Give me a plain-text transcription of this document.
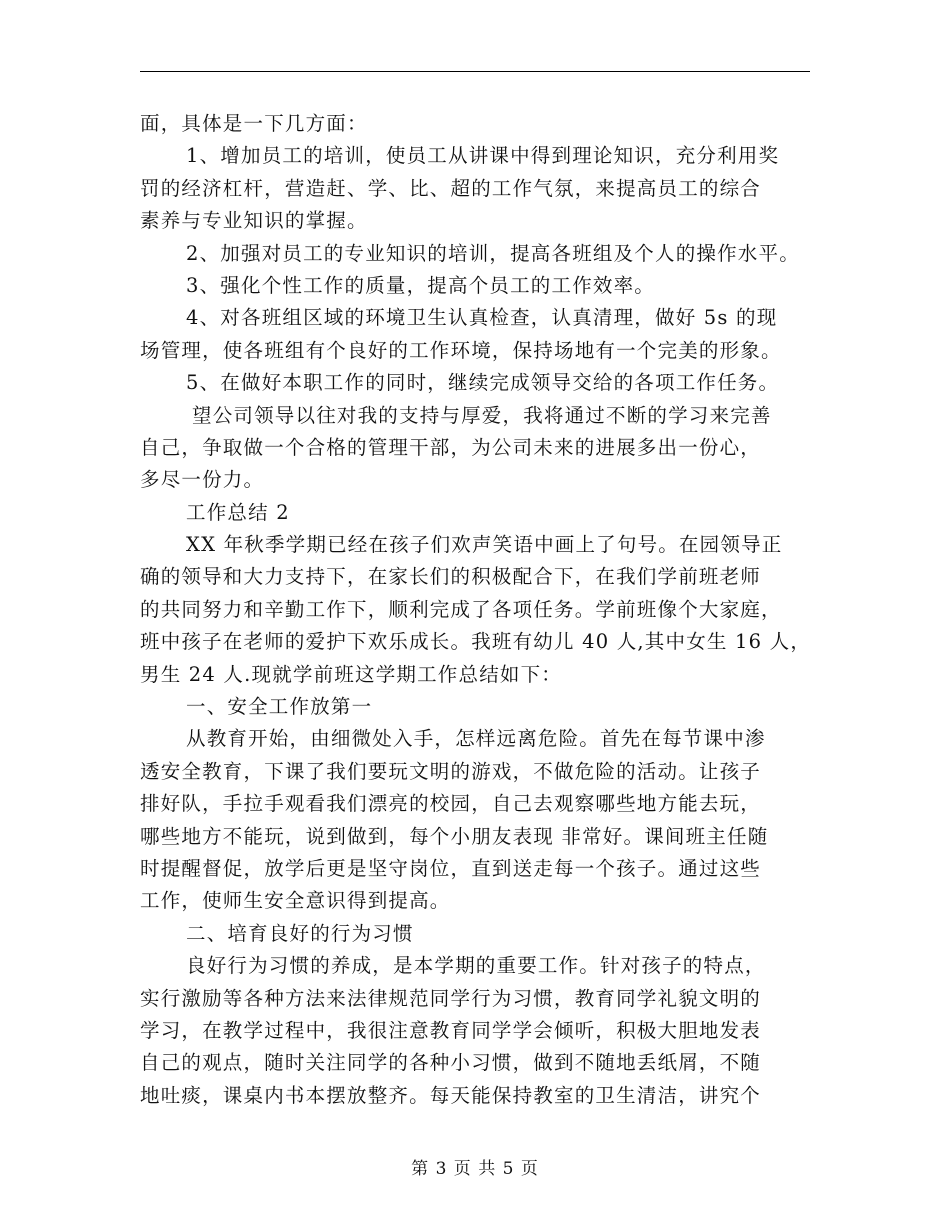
面，具体是一下几方面：
1、增加员工的培训，使员工从讲课中得到理论知识，充分利用奖
罚的经济杠杆，营造赶、学、比、超的工作气氛，来提高员工的综合
素养与专业知识的掌握。
2、加强对员工的专业知识的培训，提高各班组及个人的操作水平。
3、强化个性工作的质量，提高个员工的工作效率。
4、对各班组区域的环境卫生认真检查，认真清理，做好 5s 的现
场管理，使各班组有个良好的工作环境，保持场地有一个完美的形象。
5、在做好本职工作的同时，继续完成领导交给的各项工作任务。
望公司领导以往对我的支持与厚爱，我将通过不断的学习来完善
自己，争取做一个合格的管理干部，为公司未来的进展多出一份心，
多尽一份力。
工作总结 2
XX 年秋季学期已经在孩子们欢声笑语中画上了句号。在园领导正
确的领导和大力支持下，在家长们的积极配合下，在我们学前班老师
的共同努力和辛勤工作下，顺利完成了各项任务。学前班像个大家庭，
班中孩子在老师的爱护下欢乐成长。我班有幼儿 40 人,其中女生 16 人，
男生 24 人.现就学前班这学期工作总结如下：
一、安全工作放第一
从教育开始，由细微处入手，怎样远离危险。首先在每节课中渗
透安全教育，下课了我们要玩文明的游戏，不做危险的活动。让孩子
排好队，手拉手观看我们漂亮的校园，自己去观察哪些地方能去玩，
哪些地方不能玩，说到做到，每个小朋友表现 非常好。课间班主任随
时提醒督促，放学后更是坚守岗位，直到送走每一个孩子。通过这些
工作，使师生安全意识得到提高。
二、培育良好的行为习惯
良好行为习惯的养成，是本学期的重要工作。针对孩子的特点，
实行激励等各种方法来法律规范同学行为习惯，教育同学礼貌文明的
学习，在教学过程中，我很注意教育同学学会倾听，积极大胆地发表
自己的观点，随时关注同学的各种小习惯，做到不随地丢纸屑，不随
地吐痰，课桌内书本摆放整齐。每天能保持教室的卫生清洁，讲究个
第 3 页 共 5 页
